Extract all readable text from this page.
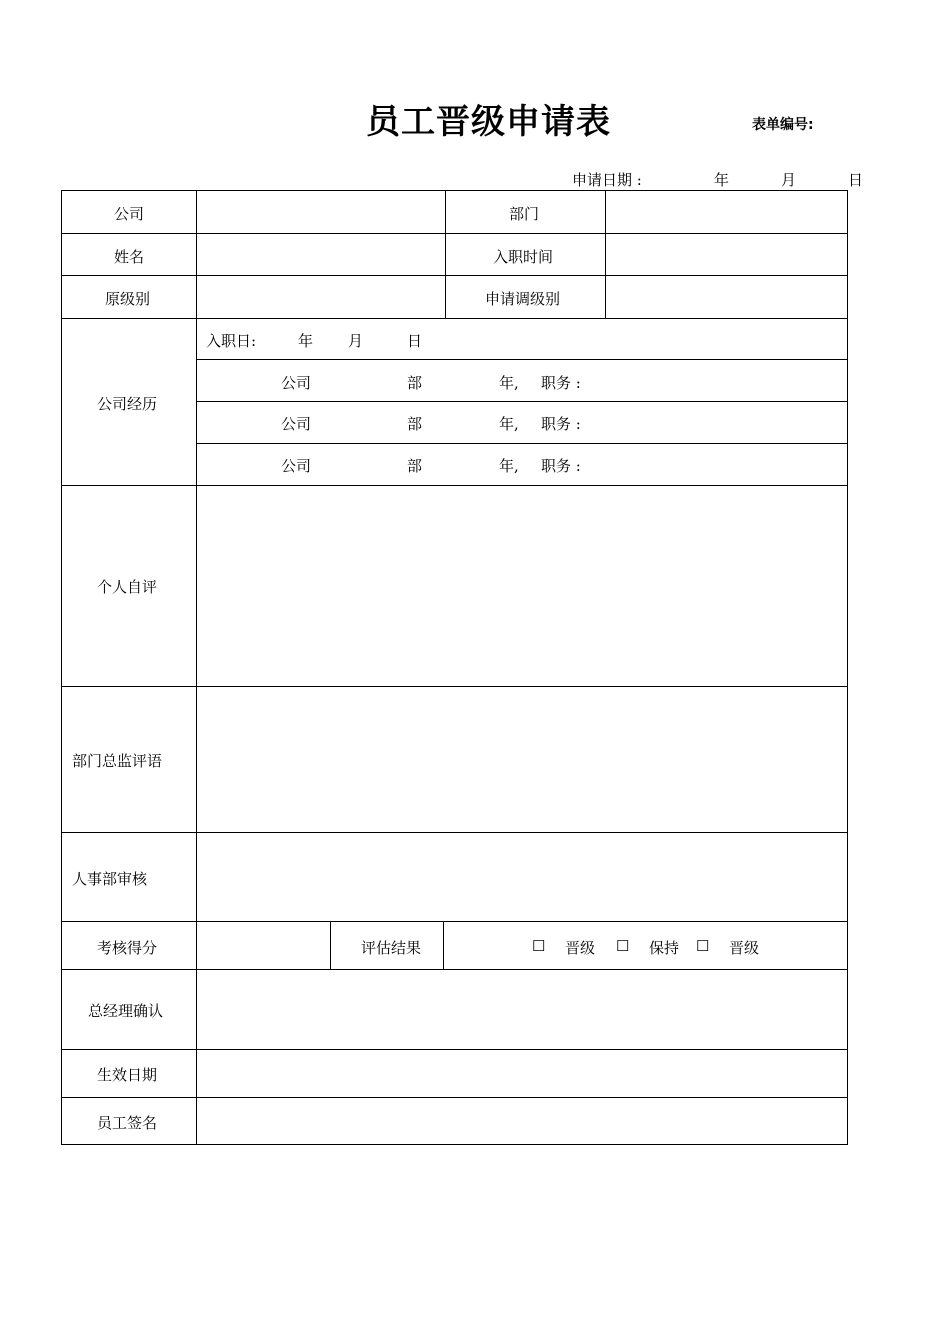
员工晋级申请表	表单编号:
申请日期 :	年	月	日
公司	部门
姓名	入职时间
原级别	申请调级别
公司经历
入职日:	年 月	日
公司	部	年, 职务 :
公司	部	年, 职务 :
公司	部	年, 职务 :
个人自评
部门总监评语
人事部审核
考核得分	评估结果	☐ 晋级 ☐ 保持 ☐ 晋级
总经理确认
生效日期
员工签名
